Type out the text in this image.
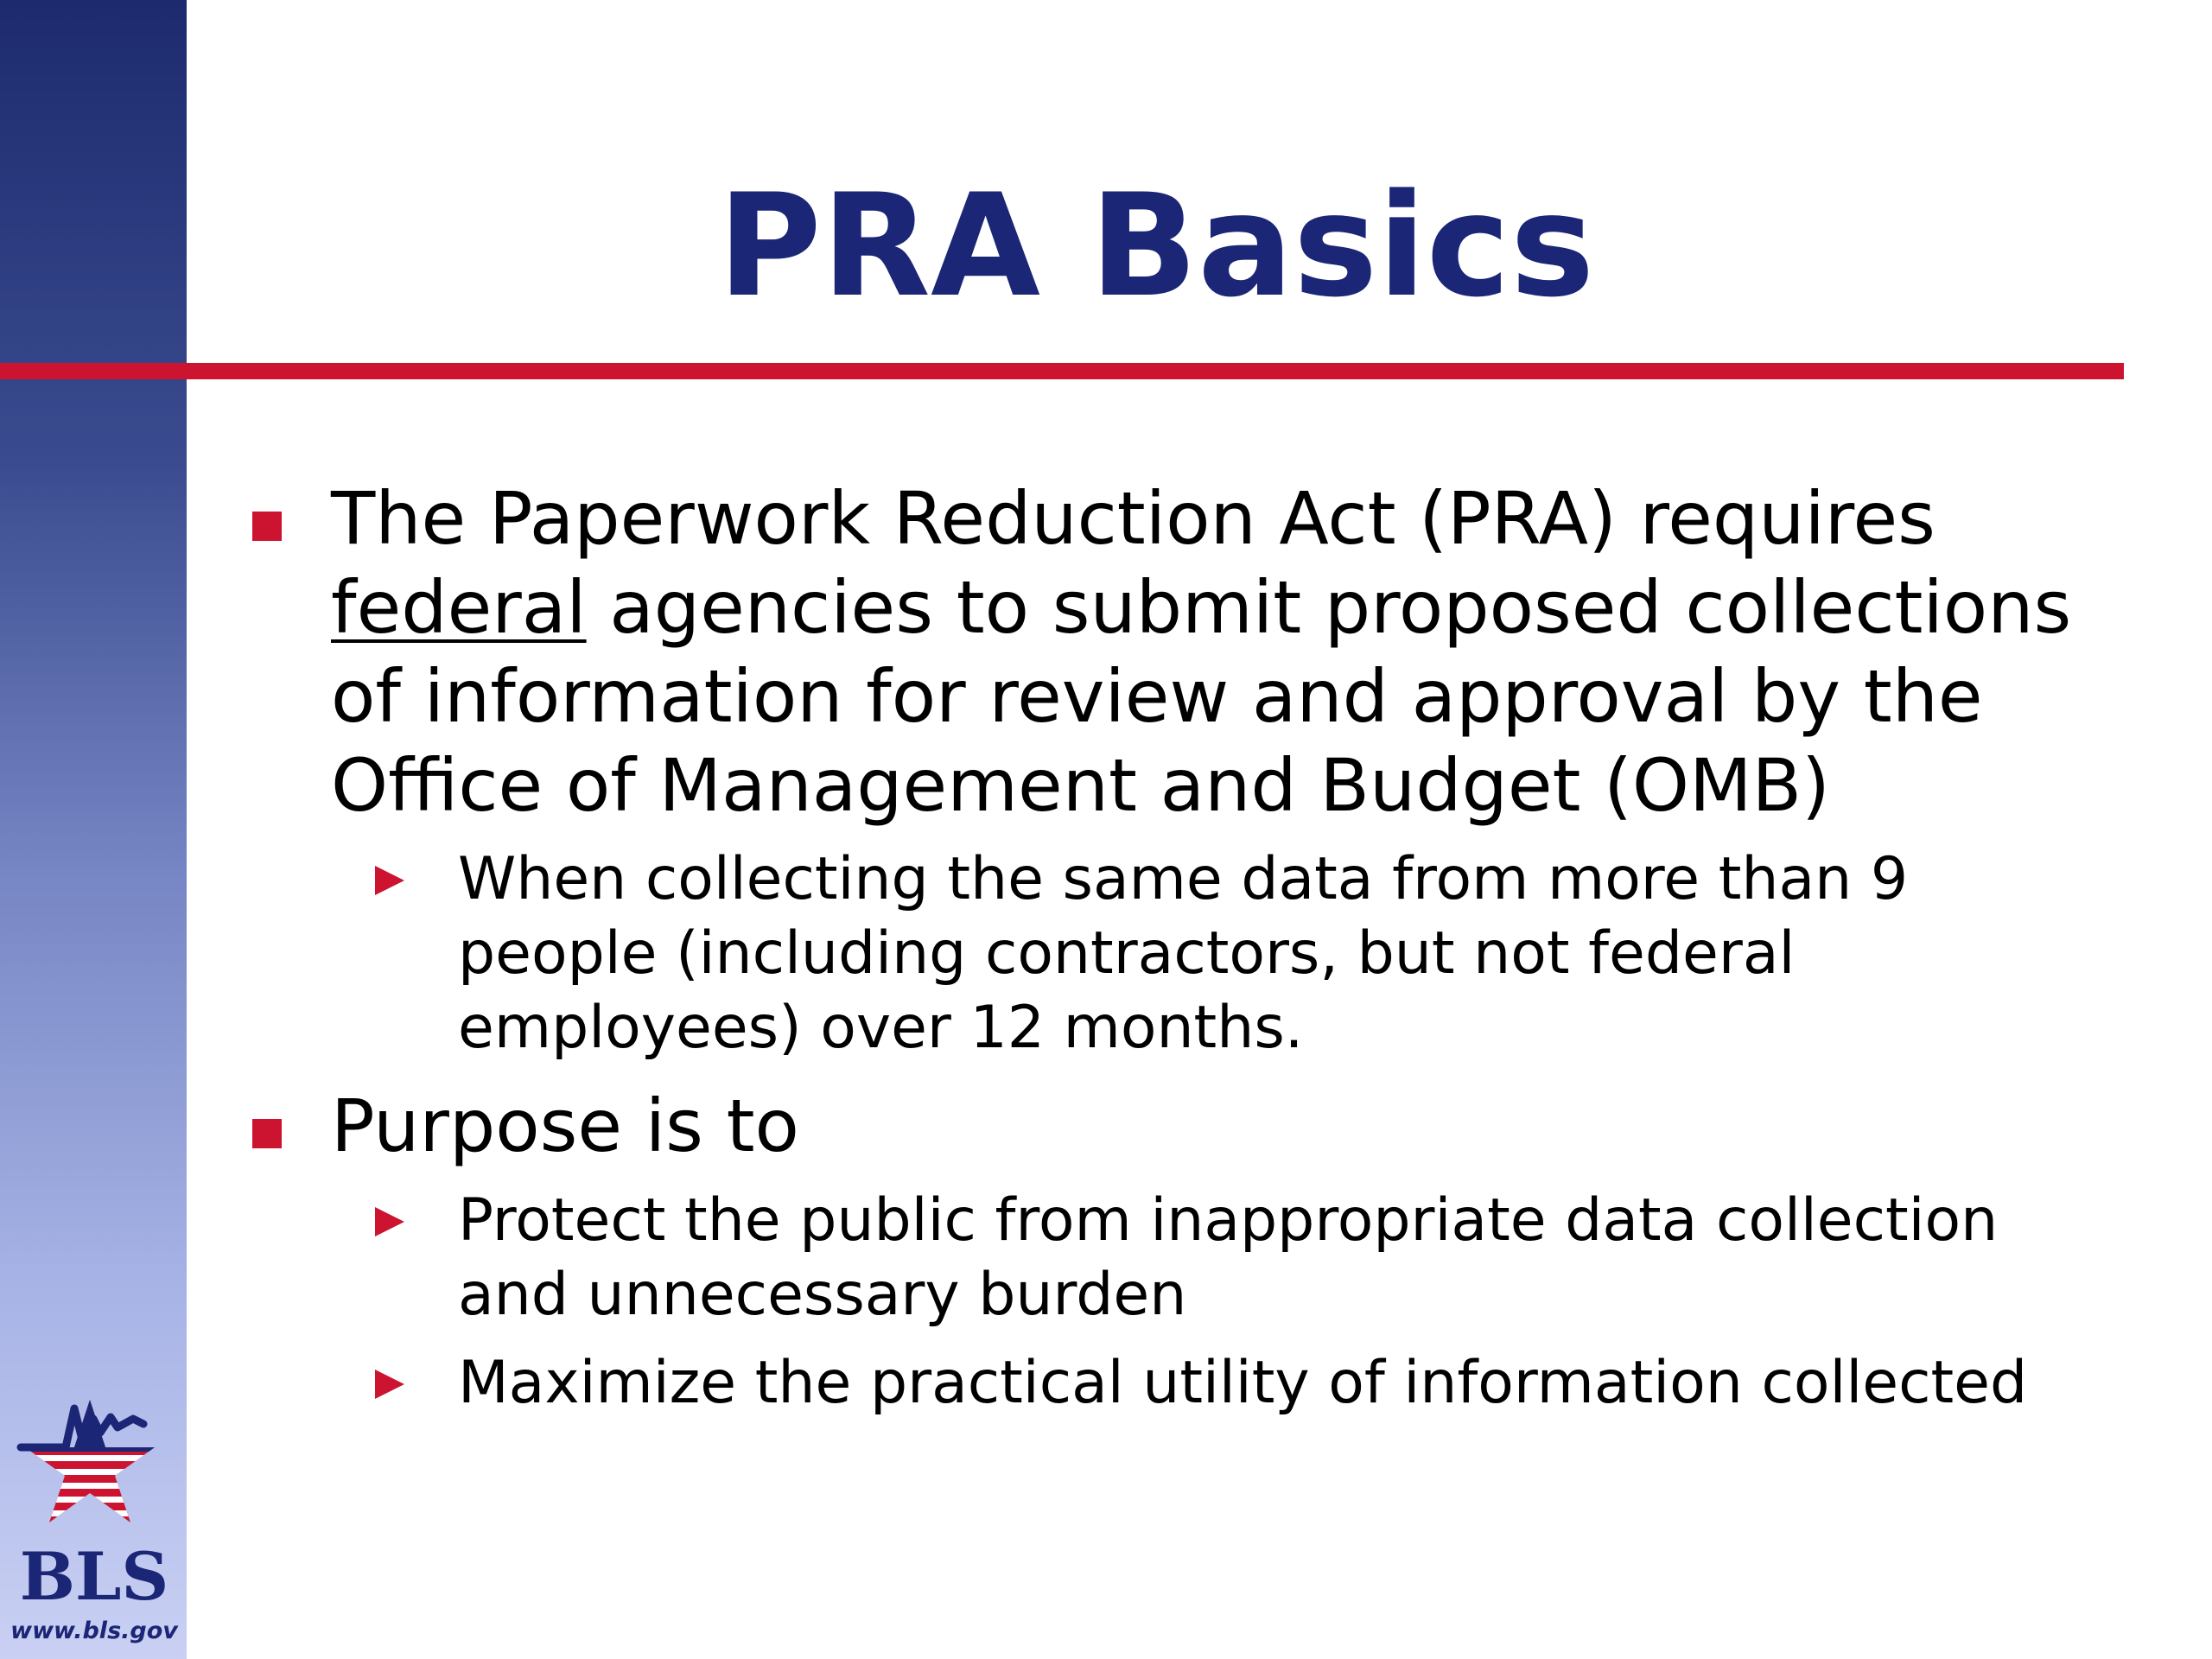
PRA Basics
The Paperwork Reduction Act (PRA) requires
federal agencies to submit proposed collections
of information for review and approval by the
Office of Management and Budget (OMB)
When collecting the same data from more than 9
people (including contractors, but not federal
employees) over 12 months.
Purpose is to
Protect the public from inappropriate data collection
and unnecessary burden
Maximize the practical utility of information collected
BLS
www.bls.gov
